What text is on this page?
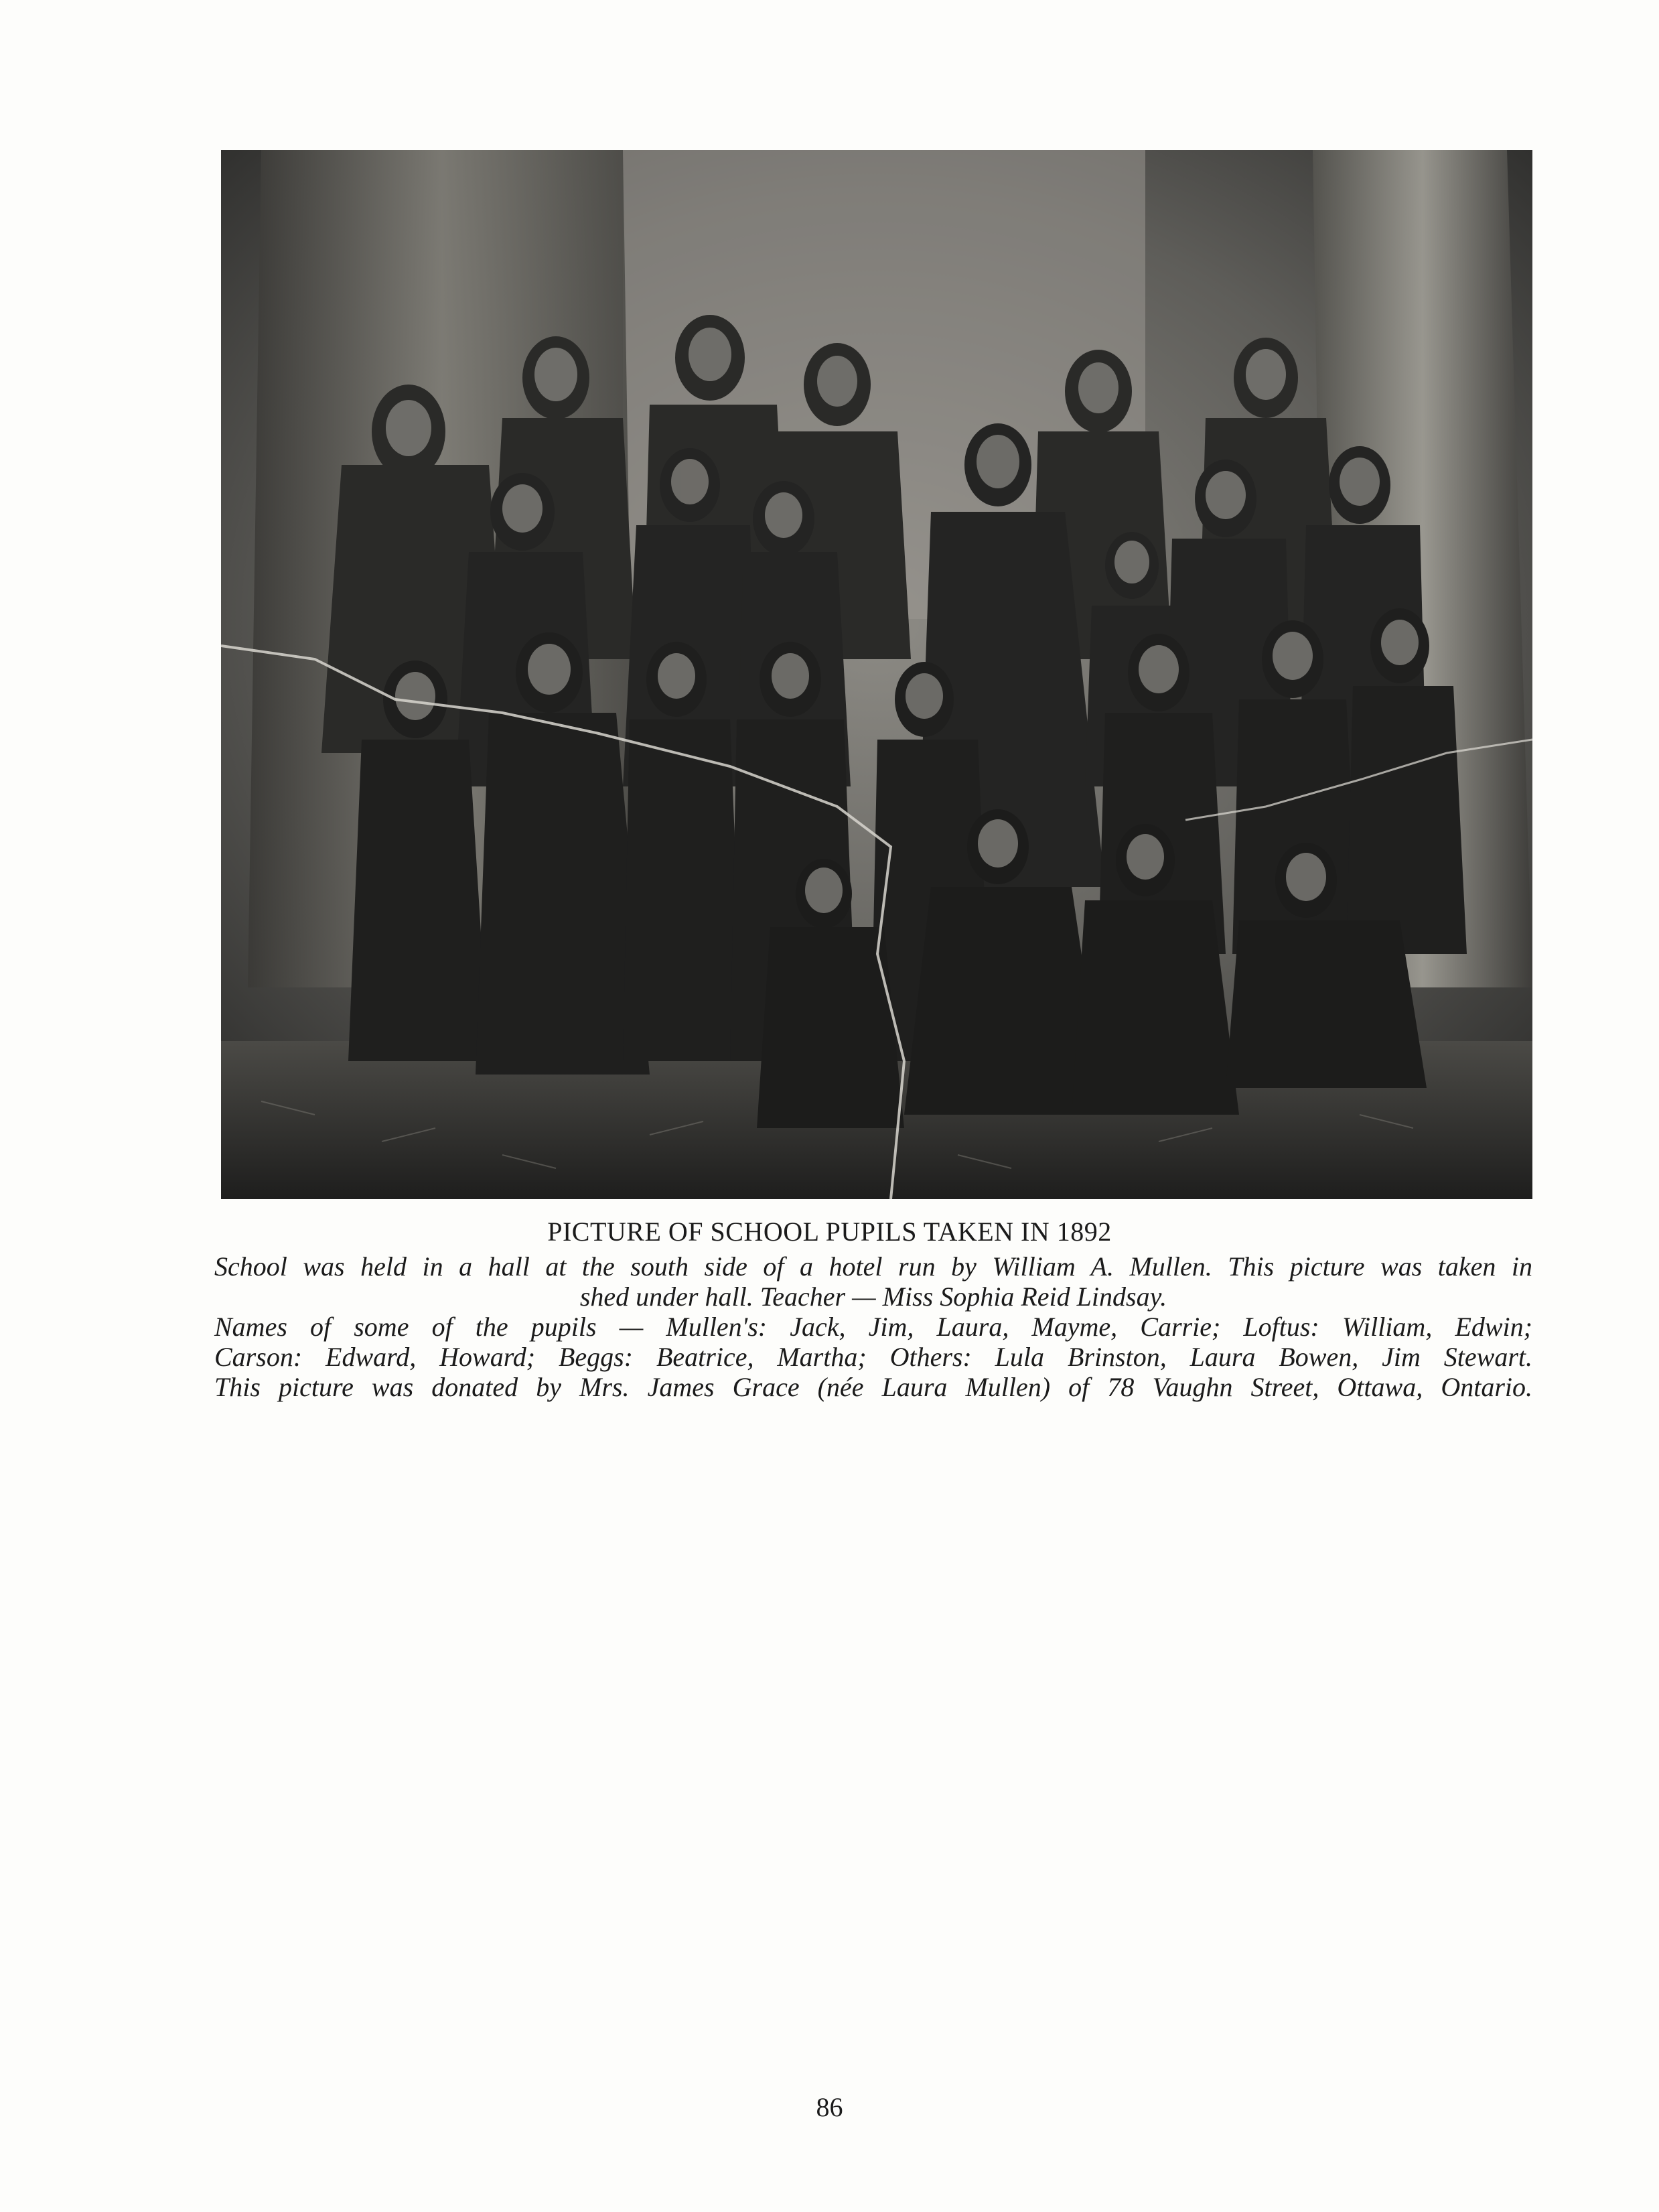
PICTURE OF SCHOOL PUPILS TAKEN IN 1892

School was held in a hall at the south side of a hotel run by William A. Mullen. This picture was taken in

shed under hall. Teacher — Miss Sophia Reid Lindsay.

Names of some of the pupils — Mullen's: Jack, Jim, Laura, Mayme, Carrie; Loftus: William, Edwin;

Carson: Edward, Howard; Beggs: Beatrice, Martha; Others: Lula Brinston, Laura Bowen, Jim Stewart.

This picture was donated by Mrs. James Grace (née Laura Mullen) of 78 Vaughn Street, Ottawa, Ontario.

86
